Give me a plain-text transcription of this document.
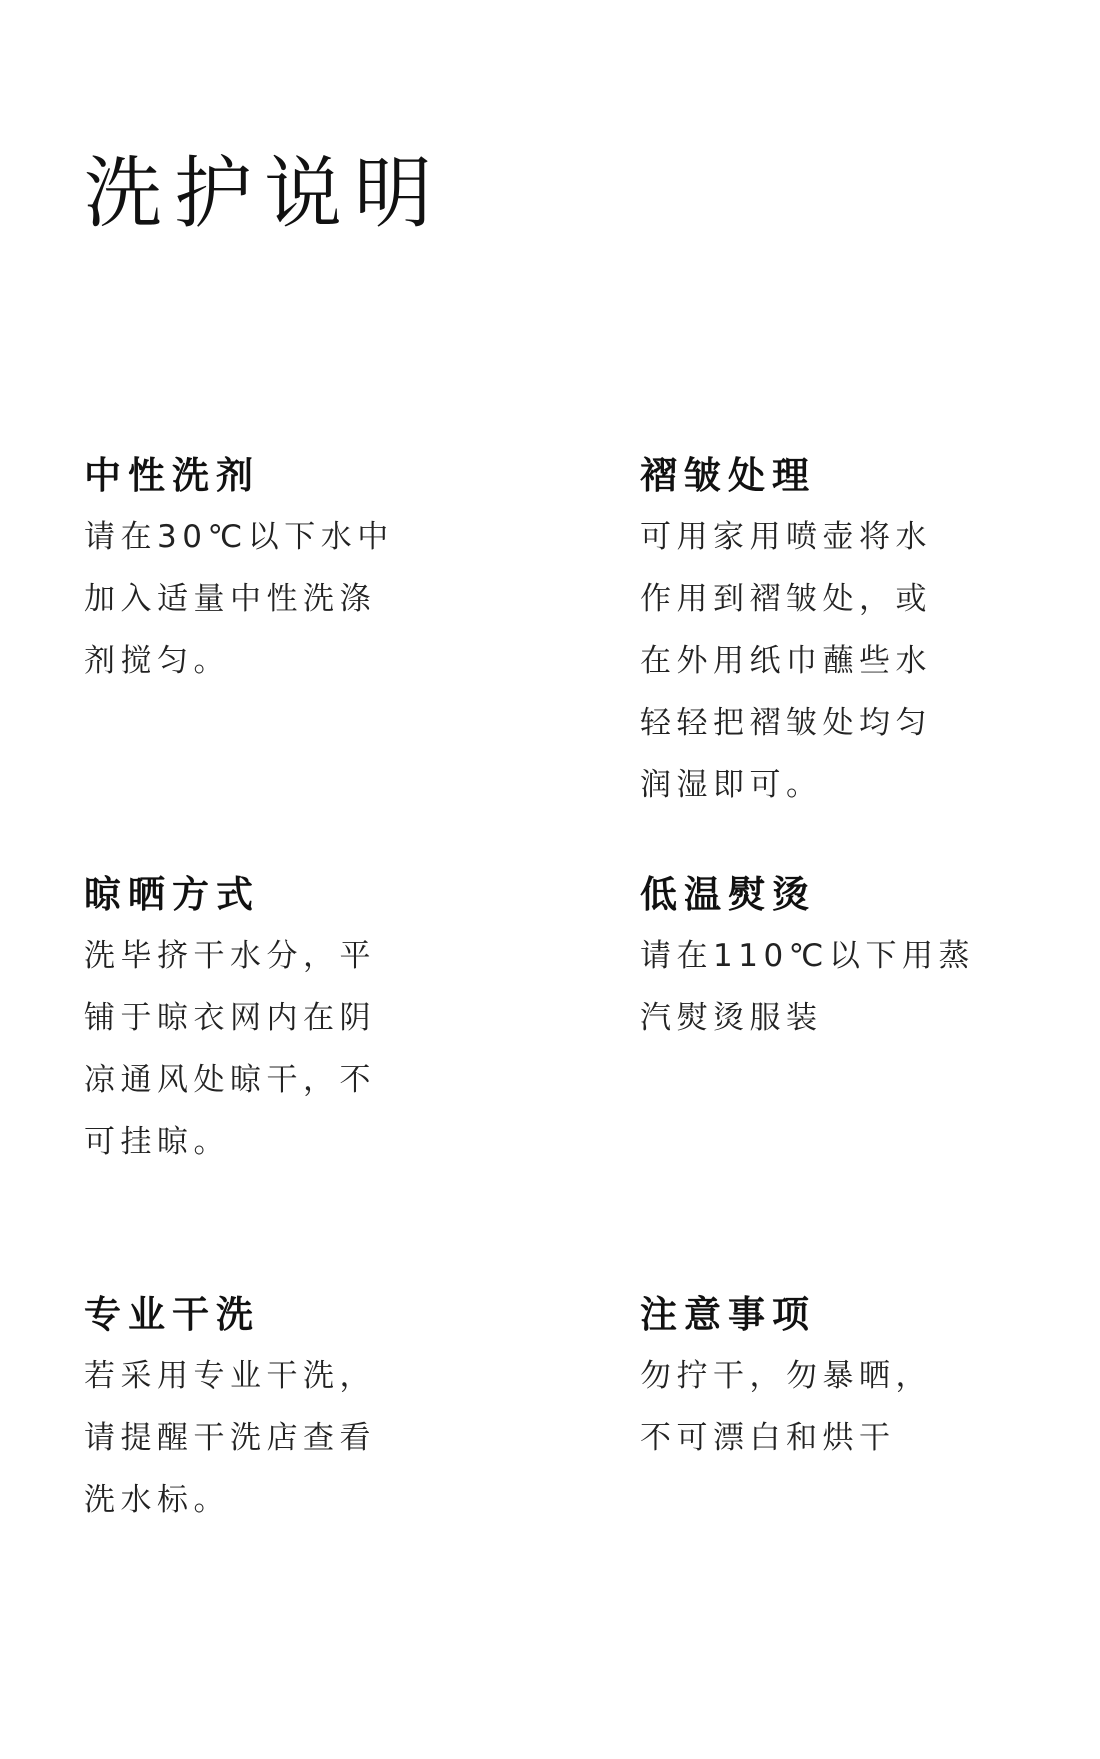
洗护说明
中性洗剂

请在30℃以下水中
加入适量中性洗涤
剂搅匀。

褶皱处理

可用家用喷壶将水
作用到褶皱处，或
在外用纸巾蘸些水
轻轻把褶皱处均匀
润湿即可。

晾晒方式

洗毕挤干水分，平
铺于晾衣网内在阴
凉通风处晾干，不
可挂晾。

低温熨烫

请在110℃以下用蒸
汽熨烫服装

专业干洗

若采用专业干洗，
请提醒干洗店查看
洗水标。

注意事项

勿拧干，勿暴晒，
不可漂白和烘干
